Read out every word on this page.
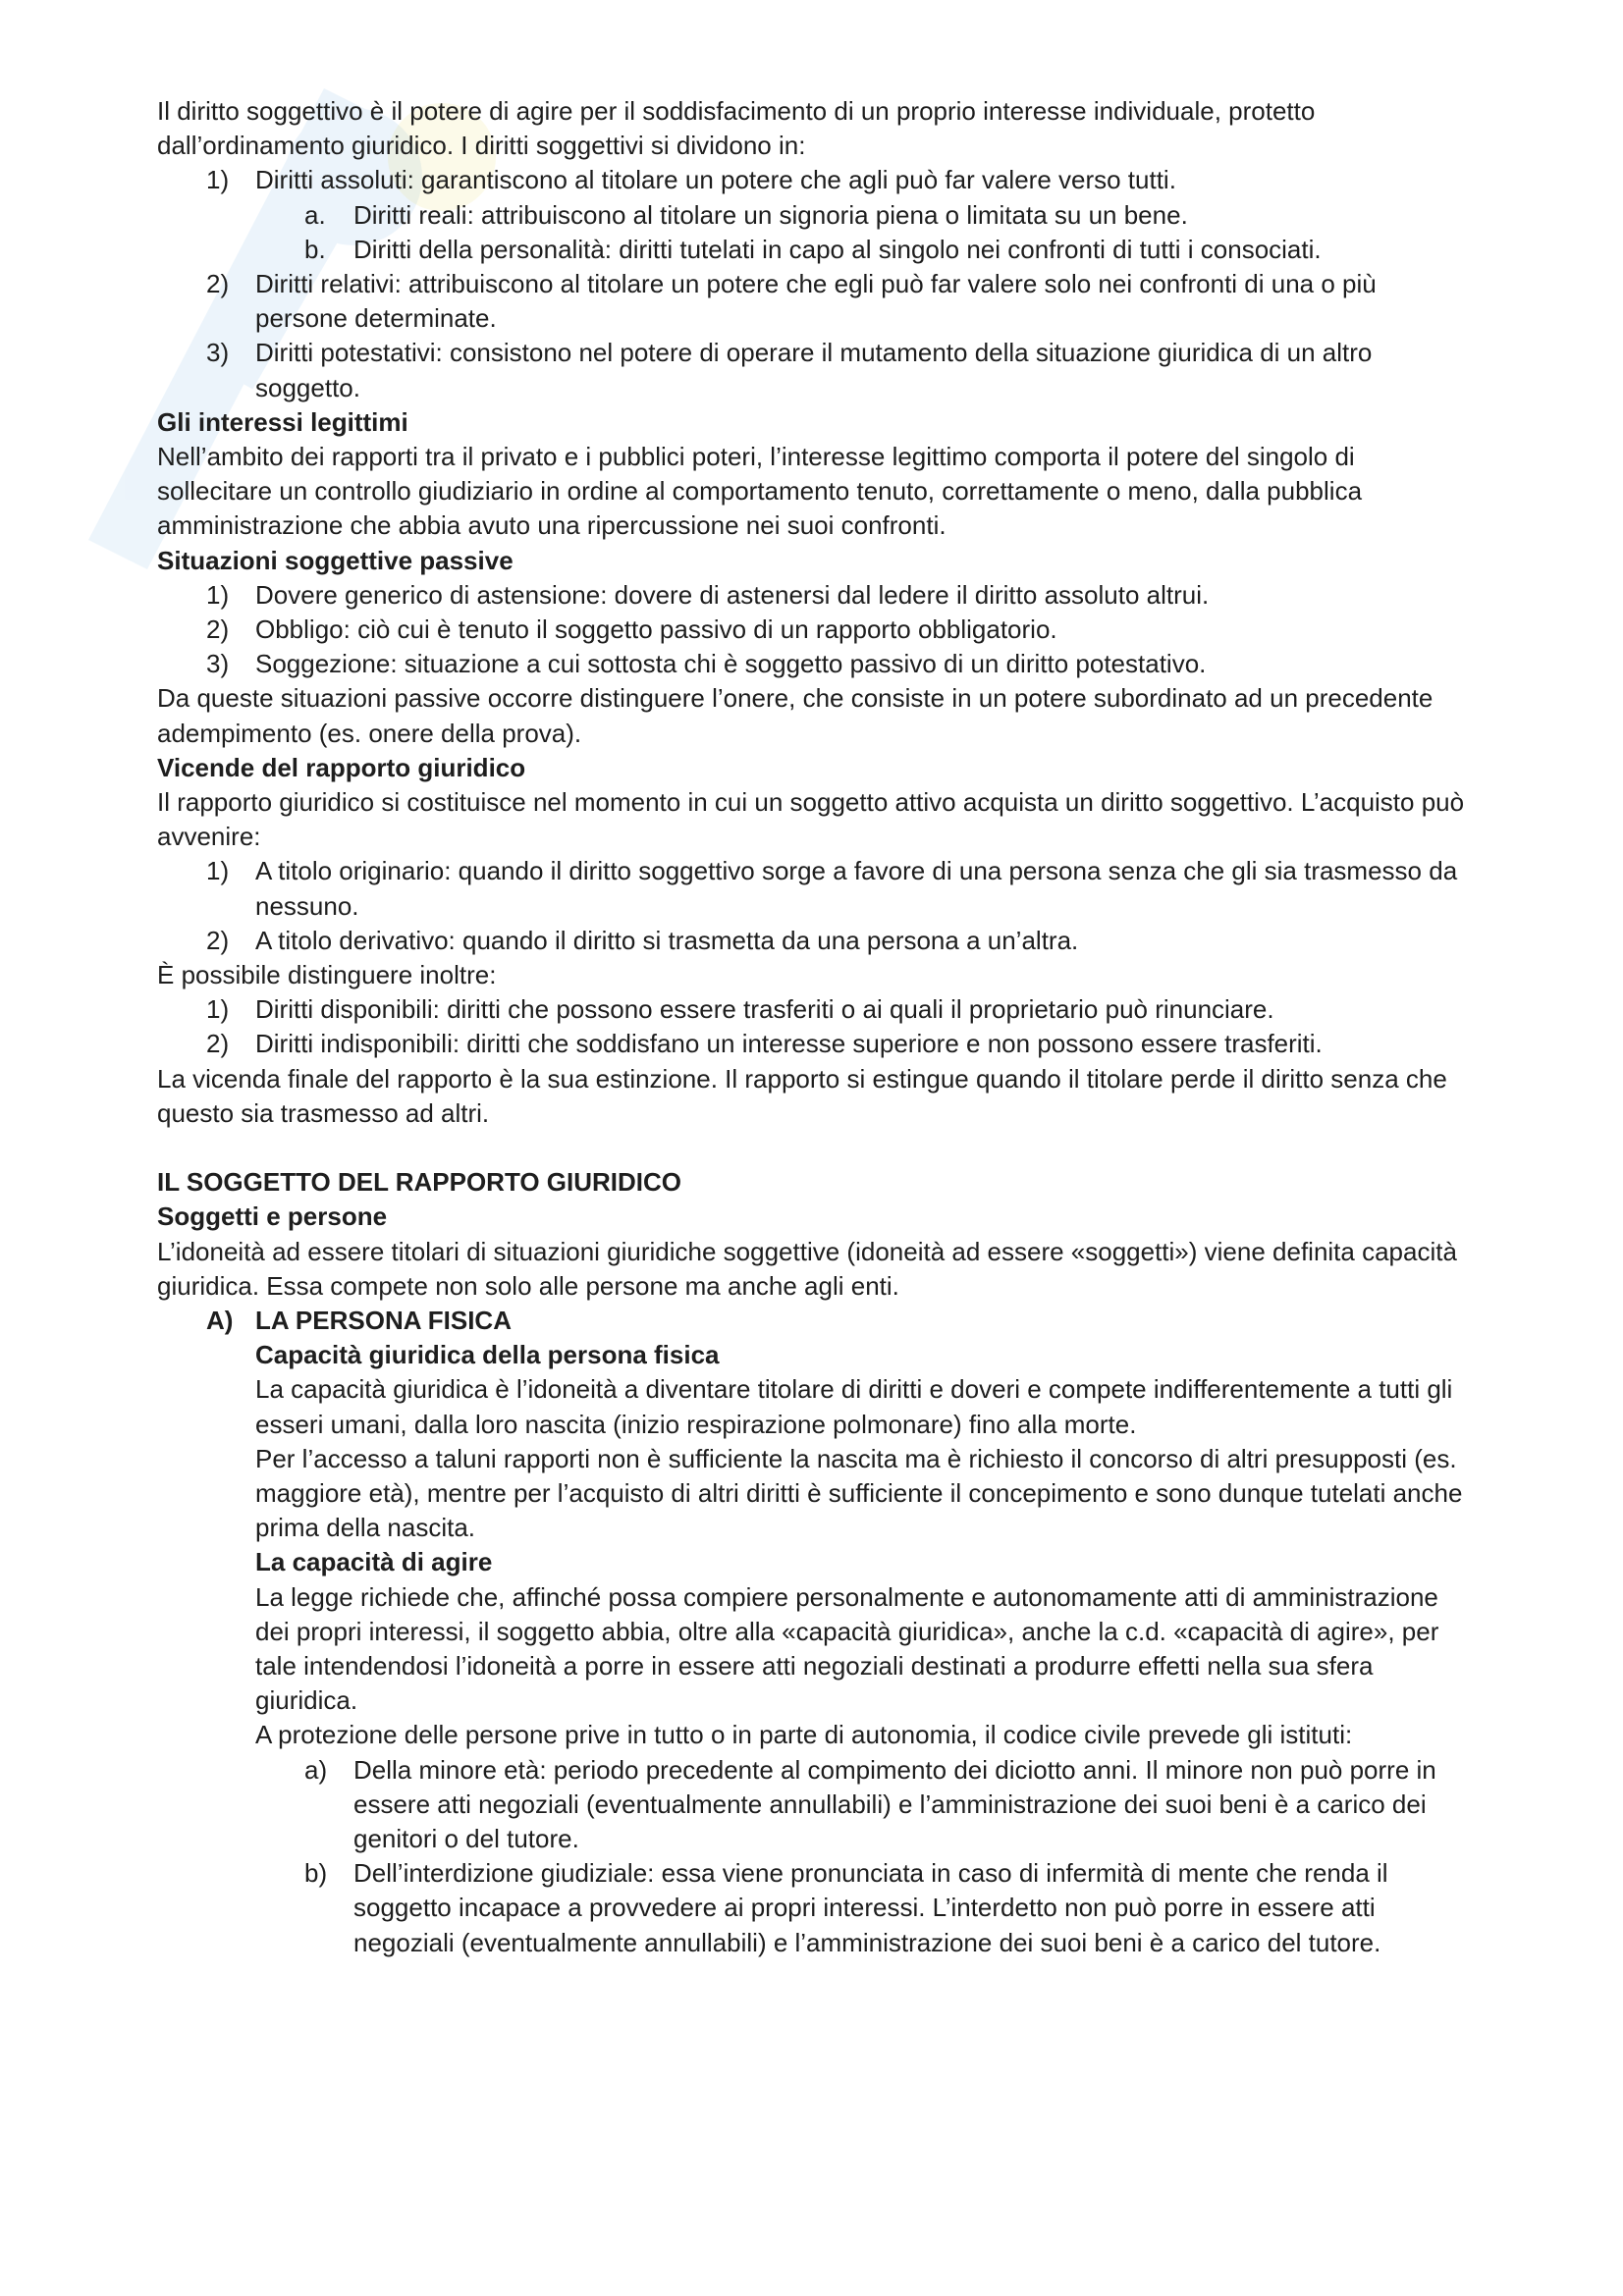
Il diritto soggettivo è il potere di agire per il soddisfacimento di un proprio interesse individuale, protetto dall’ordinamento giuridico. I diritti soggettivi si dividono in:
1) Diritti assoluti: garantiscono al titolare un potere che agli può far valere verso tutti.
a. Diritti reali: attribuiscono al titolare un signoria piena o limitata su un bene.
b. Diritti della personalità: diritti tutelati in capo al singolo nei confronti di tutti i consociati.
2) Diritti relativi: attribuiscono al titolare un potere che egli può far valere solo nei confronti di una o più persone determinate.
3) Diritti potestativi: consistono nel potere di operare il mutamento della situazione giuridica di un altro soggetto.
Gli interessi legittimi
Nell’ambito dei rapporti tra il privato e i pubblici poteri, l’interesse legittimo comporta il potere del singolo di sollecitare un controllo giudiziario in ordine al comportamento tenuto, correttamente o meno, dalla pubblica amministrazione che abbia avuto una ripercussione nei suoi confronti.
Situazioni soggettive passive
1) Dovere generico di astensione: dovere di astenersi dal ledere il diritto assoluto altrui.
2) Obbligo: ciò cui è tenuto il soggetto passivo di un rapporto obbligatorio.
3) Soggezione: situazione a cui sottosta chi è soggetto passivo di un diritto potestativo.
Da queste situazioni passive occorre distinguere l’onere, che consiste in un potere subordinato ad un precedente adempimento (es. onere della prova).
Vicende del rapporto giuridico
Il rapporto giuridico si costituisce nel momento in cui un soggetto attivo acquista un diritto soggettivo. L’acquisto può avvenire:
1) A titolo originario: quando il diritto soggettivo sorge a favore di una persona senza che gli sia trasmesso da nessuno.
2) A titolo derivativo: quando il diritto si trasmetta da una persona a un’altra.
È possibile distinguere inoltre:
1) Diritti disponibili: diritti che possono essere trasferiti o ai quali il proprietario può rinunciare.
2) Diritti indisponibili: diritti che soddisfano un interesse superiore e non possono essere trasferiti.
La vicenda finale del rapporto è la sua estinzione. Il rapporto si estingue quando il titolare perde il diritto senza che questo sia trasmesso ad altri.
IL SOGGETTO DEL RAPPORTO GIURIDICO
Soggetti e persone
L’idoneità ad essere titolari di situazioni giuridiche soggettive (idoneità ad essere «soggetti») viene definita capacità giuridica. Essa compete non solo alle persone ma anche agli enti.
A) LA PERSONA FISICA
Capacità giuridica della persona fisica
La capacità giuridica è l’idoneità a diventare titolare di diritti e doveri e compete indifferentemente a tutti gli esseri umani, dalla loro nascita (inizio respirazione polmonare) fino alla morte.
Per l’accesso a taluni rapporti non è sufficiente la nascita ma è richiesto il concorso di altri presupposti (es. maggiore età), mentre per l’acquisto di altri diritti è sufficiente il concepimento e sono dunque tutelati anche prima della nascita.
La capacità di agire
La legge richiede che, affinché possa compiere personalmente e autonomamente atti di amministrazione dei propri interessi, il soggetto abbia, oltre alla «capacità giuridica», anche la c.d. «capacità di agire», per tale intendendosi l’idoneità a porre in essere atti negoziali destinati a produrre effetti nella sua sfera giuridica.
A protezione delle persone prive in tutto o in parte di autonomia, il codice civile prevede gli istituti:
a) Della minore età: periodo precedente al compimento dei diciotto anni. Il minore non può porre in essere atti negoziali (eventualmente annullabili) e l’amministrazione dei suoi beni è a carico dei genitori o del tutore.
b) Dell’interdizione giudiziale: essa viene pronunciata in caso di infermità di mente che renda il soggetto incapace a provvedere ai propri interessi. L’interdetto non può porre in essere atti negoziali (eventualmente annullabili) e l’amministrazione dei suoi beni è a carico del tutore.
